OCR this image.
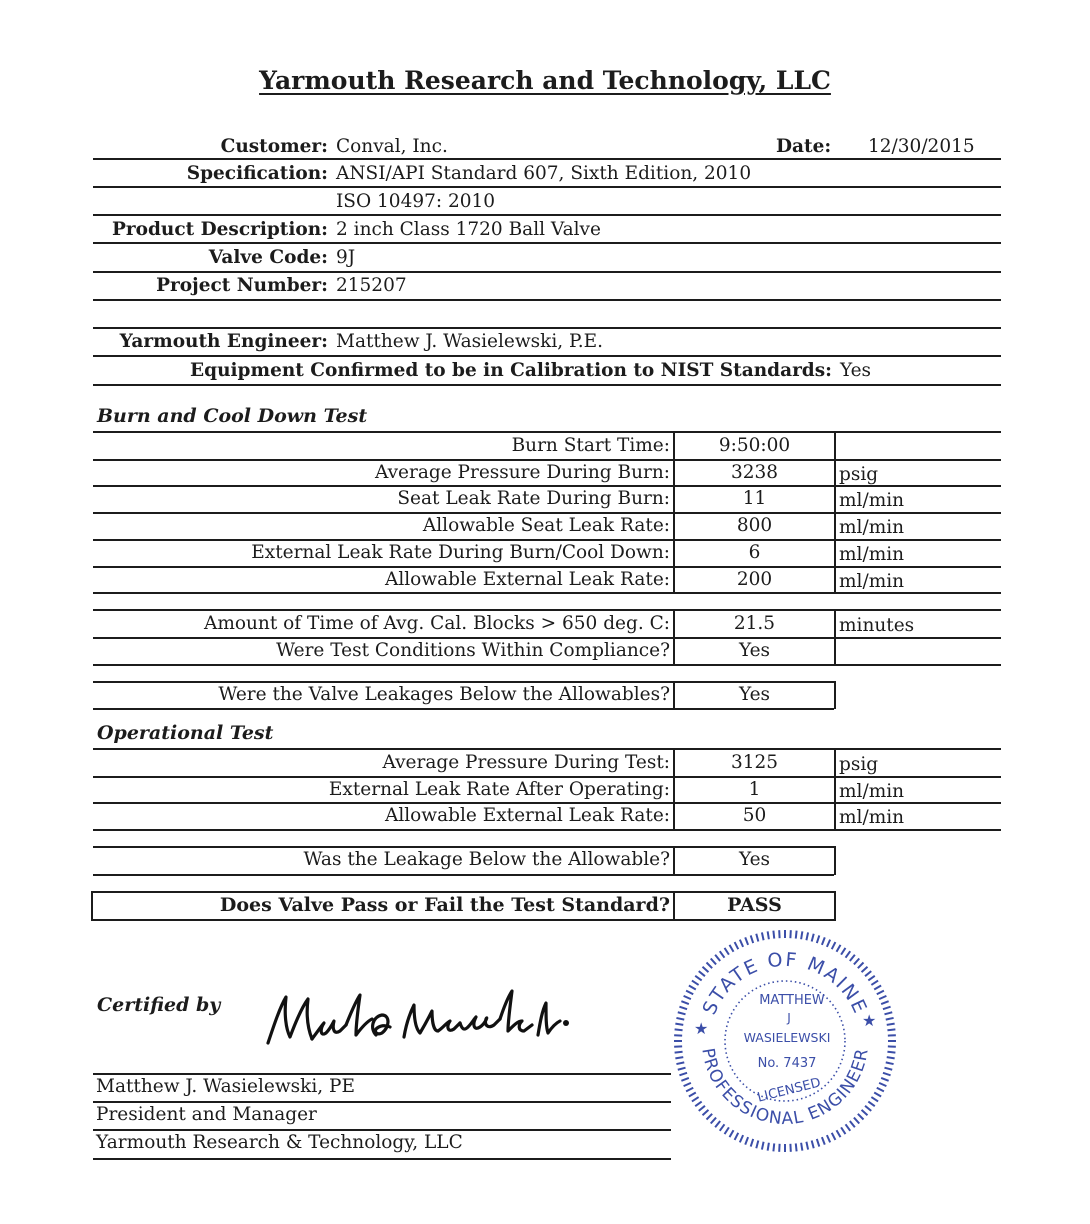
Yarmouth Research and Technology, LLC
Customer: Conval, Inc.	Date: 12/30/2015
Specification: ANSI/API Standard 607, Sixth Edition, 2010
ISO 10497: 2010
Product Description: 2 inch Class 1720 Ball Valve
Valve Code: 9J
Project Number: 215207
Yarmouth Engineer: Matthew J. Wasielewski, P.E.
Equipment Confirmed to be in Calibration to NIST Standards: Yes
Burn and Cool Down Test
Burn Start Time:	9:50:00
Average Pressure During Burn:	3238	psig
Seat Leak Rate During Burn:	11	ml/min
Allowable Seat Leak Rate:	800	ml/min
External Leak Rate During Burn/Cool Down:	6	ml/min
Allowable External Leak Rate:	200	ml/min
Amount of Time of Avg. Cal. Blocks > 650 deg. C:	21.5	minutes
Were Test Conditions Within Compliance?	Yes
Were the Valve Leakages Below the Allowables?	Yes
Operational Test
Average Pressure During Test:	3125	psig
External Leak Rate After Operating:	1	ml/min
Allowable External Leak Rate:	50	ml/min
Was the Leakage Below the Allowable?	Yes
Does Valve Pass or Fail the Test Standard?	PASS
Certified by
Matthew J. Wasielewski, PE
President and Manager
Yarmouth Research & Technology, LLC
STATE OF MAINE
PROFESSIONAL ENGINEER
★	★
MATTHEW
J
WASIELEWSKI
No. 7437
LICENSED
